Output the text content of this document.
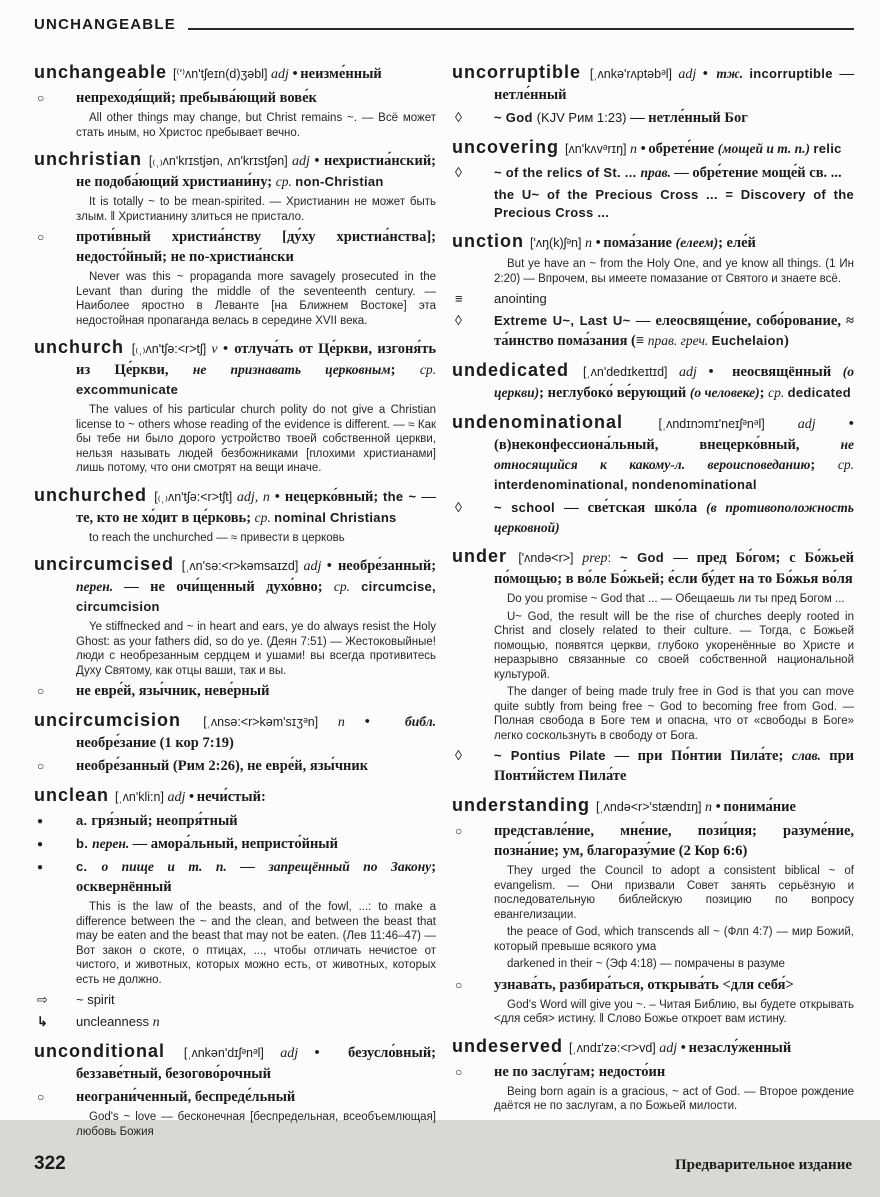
UNCHANGEABLE

unchangeable [⁽ʹ⁾ʌnʹtʃeɪn(d)ʒəbl] adj ● неизме́нный

○ непреходя́щий; пребыва́ющий вове́к

All other things may change, but Christ remains ~. — Всё может стать иным, но Христос пребывает вечно.

unchristian [₍ˌ₎ʌnʹkrɪstjən, ʌnʹkrɪstʃən] adj ● нехристиа́нский; не подоба́ющий христиани́ну; ср. non-Christian

It is totally ~ to be mean-spirited. — Христианин не может быть злым. ‖ Христианину злиться не пристало.

○ проти́вный христиа́нству [ду́ху христиа́нства]; недосто́йный; не по-христиа́нски

Never was this ~ propaganda more savagely prosecuted in the Levant than during the middle of the seventeenth century. — Наиболее яростно в Леванте [на Ближнем Востоке] эта недостойная пропаганда велась в середине XVII века.

unchurch [₍ˌ₎ʌnʹtʃə:<r>tʃ] v ● отлуча́ть от Це́ркви, изгоня́ть из Це́ркви, не признавать церковным; ср. excommunicate

The values of his particular church polity do not give a Christian license to ~ others whose reading of the evidence is different. — ≈ Как бы тебе ни было дорого устройство твоей собственной церкви, нельзя называть людей безбожниками [плохими христианами] лишь потому, что они смотрят на вещи иначе.

unchurched [₍ˌ₎ʌnʹtʃə:<r>tʃt] adj, n ● нецерко́вный; the ~ — те, кто не хо́дит в це́рковь; ср. nominal Christians

to reach the unchurched — ≈ привести в церковь

uncircumcised [ˌʌnʹsə:<r>kəmsaɪzd] adj ● необре́занный; перен. — не очи́щенный духо́вно; ср. circumcise, circumcision

Ye stiffnecked and ~ in heart and ears, ye do always resist the Holy Ghost: as your fathers did, so do ye. (Деян 7:51) — Жестоковыйные! люди с необрезанным сердцем и ушами! вы всегда противитесь Духу Святому, как отцы ваши, так и вы.

○ не евре́й, язы́чник, неве́рный

uncircumcision [ˌʌnsə:<r>kəmʹsɪʒᵊn] n ● библ. необре́зание (1 кор 7:19)

○ необре́занный (Рим 2:26), не евре́й, язы́чник

unclean [ˌʌnʹkli:n] adj ● нечи́стый:

●	a. гря́зный; неопря́тный

●	b. перен. — амора́льный, непристо́йный

●	c. о пище и т. п. — запрещённый по Закону; осквернённый

This is the law of the beasts, and of the fowl, ...: to make a difference between the ~ and the clean, and between the beast that may be eaten and the beast that may not be eaten. (Лев 11:46–47) — Вот закон о скоте, о птицах, ..., чтобы отличать нечистое от чистого, и животных, которых можно есть, от животных, которых есть не должно.

⇨ ~ spirit

↳ uncleanness n

unconditional [ˌʌnkənʹdɪʃᵊnᵊl] adj ● безусло́вный; беззаве́тный, безогово́рочный

○ неограни́ченный, беспреде́льный

God's ~ love — бесконечная [беспредельная, всеобъемлющая] любовь Божия

uncorruptible [ˌʌnkəʹrʌptəbᵊl] adj ● тж. incorruptible — нетле́нный

◊ ~ God (KJV Рим 1:23) — нетле́нный Бог

uncovering [ʌnʹkʌvᵊrɪŋ] n ● обрете́ние (мощей и т. п.) relic

◊ ~ of the relics of St. ... прав. — обре́тение моще́й св. ...

the U~ of the Precious Cross ... = Discovery of the Precious Cross ...

unction [ʹʌŋ(k)ʃᵊn] n ● пома́зание (елеем); еле́й

But ye have an ~ from the Holy One, and ye know all things. (1 Ин 2:20) — Впрочем, вы имеете помазание от Святого и знаете всё.

≡ anointing

◊ Extreme U~, Last U~ — елеосвяще́ние, собо́рование, ≈ та́инство пома́зания (≡ прав. греч. Euchelaion)

undedicated [ˌʌnʹdedɪkeɪtɪd] adj ● неосвящённый (о церкви); неглубоко́ ве́рующий (о человеке); ср. dedicated

undenominational [ˌʌndɪnɔmɪʹneɪʃᵊnᵊl] adj ● (в)неконфессиона́льный, внецерко́вный, не относящийся к какому-л. вероисповеданию; ср. interdenominational, nondenominational

◊ ~ school — све́тская шко́ла (в противоположность церковной)

under [ʹʌndə<r>] prep: ~ God — пред Бо́гом; с Бо́жьей по́мощью; в во́ле Бо́жьей; е́сли бу́дет на то Бо́жья во́ля

Do you promise ~ God that ... — Обещаешь ли ты пред Богом ...

U~ God, the result will be the rise of churches deeply rooted in Christ and closely related to their culture. — Тогда, с Божьей помощью, появятся церкви, глубоко укоренённые во Христе и неразрывно связанные со своей собственной национальной культурой.

The danger of being made truly free in God is that you can move quite subtly from being free ~ God to becoming free from God. — Полная свобода в Боге тем и опасна, что от «свободы в Боге» легко соскользнуть в свободу от Бога.

◊ ~ Pontius Pilate — при По́нтии Пила́те; слав. при Понти́йстем Пила́те

understanding [ˌʌndə<r>ʹstændɪŋ] n ● понима́ние

○ представле́ние, мне́ние, пози́ция; разуме́ние, позна́ние; ум, благоразу́мие (2 Кор 6:6)

They urged the Council to adopt a consistent biblical ~ of evangelism. — Они призвали Совет занять серьёзную и последовательную библейскую позицию по вопросу евангелизации.

the peace of God, which transcends all ~ (Флп 4:7) — мир Божий, который превыше всякого ума

darkened in their ~ (Эф 4:18) — помрачены в разуме

○ узнава́ть, разбира́ться, открыва́ть <для себя́>

God's Word will give you ~. – Читая Библию, вы будете открывать <для себя> истину. ‖ Слово Божье откроет вам истину.

undeserved [ˌʌndɪʹzə:<r>vd] adj ● незаслу́женный

○ не по заслу́гам; недосто́ин

Being born again is a gracious, ~ act of God. — Второе рождение даётся не по заслугам, а по Божьей милости.

322	Предварительное издание
